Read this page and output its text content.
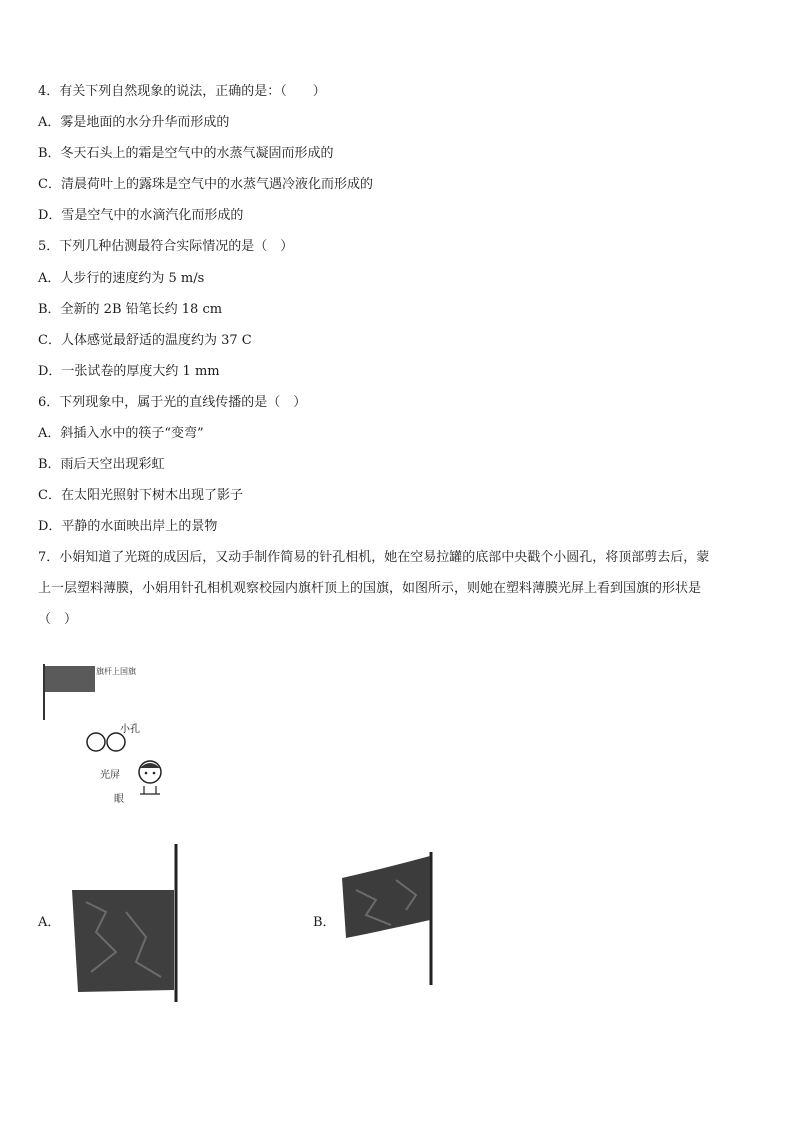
4．有关下列自然现象的说法，正确的是：（　　）
A．雾是地面的水分升华而形成的
B．冬天石头上的霜是空气中的水蒸气凝固而形成的
C．清晨荷叶上的露珠是空气中的水蒸气遇冷液化而形成的
D．雪是空气中的水滴汽化而形成的
5．下列几种估测最符合实际情况的是（　）
A．人步行的速度约为 5 m/s
B．全新的 2B 铅笔长约 18 cm
C．人体感觉最舒适的温度约为 37 C
D．一张试卷的厚度大约 1 mm
6．下列现象中，属于光的直线传播的是（　）
A．斜插入水中的筷子“变弯”
B．雨后天空出现彩虹
C．在太阳光照射下树木出现了影子
D．平静的水面映出岸上的景物
7．小娟知道了光斑的成因后，又动手制作简易的针孔相机，她在空易拉罐的底部中央戳个小圆孔，将顶部剪去后，蒙
上一层塑料薄膜，小娟用针孔相机观察校园内旗杆顶上的国旗，如图所示，则她在塑料薄膜光屏上看到国旗的形状是
（　）
旗杆上国旗
小孔
光屏
眼
A．	B．
